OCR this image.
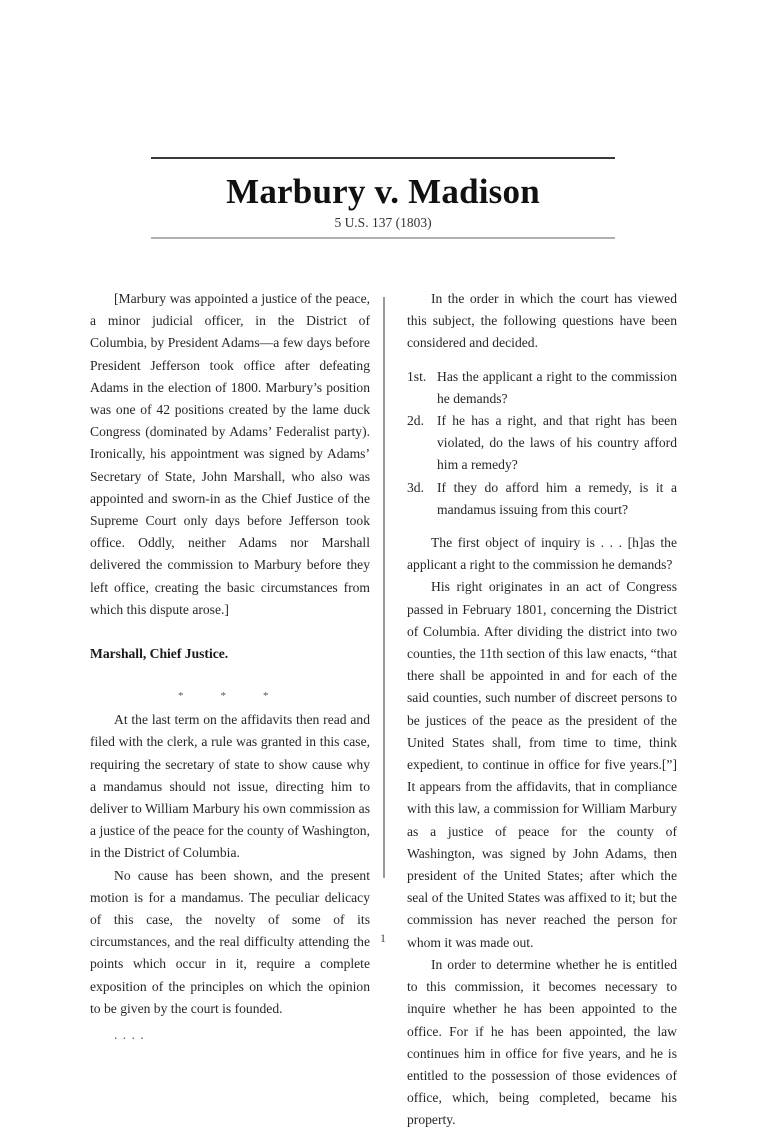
Marbury v. Madison
5 U.S. 137 (1803)

[Marbury was appointed a justice of the peace, a minor judicial officer, in the District of Columbia, by President Adams—a few days before President Jefferson took office after defeating Adams in the election of 1800. Marbury’s position was one of 42 positions created by the lame duck Congress (dominated by Adams’ Federalist party). Ironically, his appointment was signed by Adams’ Secretary of State, John Marshall, who also was appointed and sworn-in as the Chief Justice of the Supreme Court only days before Jefferson took office. Oddly, neither Adams nor Marshall delivered the commission to Marbury before they left office, creating the basic circumstances from which this dispute arose.]

Marshall, Chief Justice.

*	*	*

At the last term on the affidavits then read and filed with the clerk, a rule was granted in this case, requiring the secretary of state to show cause why a mandamus should not issue, directing him to deliver to William Marbury his own commission as a justice of the peace for the county of Washington, in the District of Columbia.

No cause has been shown, and the present motion is for a mandamus. The peculiar delicacy of this case, the novelty of some of its circumstances, and the real difficulty attending the points which occur in it, require a complete exposition of the principles on which the opinion to be given by the court is founded.

. . . .

In the order in which the court has viewed this subject, the following questions have been considered and decided.

1st. Has the applicant a right to the commission he demands?
2d. If he has a right, and that right has been violated, do the laws of his country afford him a remedy?
3d. If they do afford him a remedy, is it a mandamus issuing from this court?

The first object of inquiry is . . . [h]as the applicant a right to the commission he demands?

His right originates in an act of Congress passed in February 1801, concerning the District of Columbia. After dividing the district into two counties, the 11th section of this law enacts, “that there shall be appointed in and for each of the said counties, such number of discreet persons to be justices of the peace as the president of the United States shall, from time to time, think expedient, to continue in office for five years.[”] It appears from the affidavits, that in compliance with this law, a commission for William Marbury as a justice of peace for the county of Washington, was signed by John Adams, then president of the United States; after which the seal of the United States was affixed to it; but the commission has never reached the person for whom it was made out.

In order to determine whether he is entitled to this commission, it becomes necessary to inquire whether he has been appointed to the office. For if he has been appointed, the law continues him in office for five years, and he is entitled to the possession of those evidences of office, which, being completed, became his property.

1
